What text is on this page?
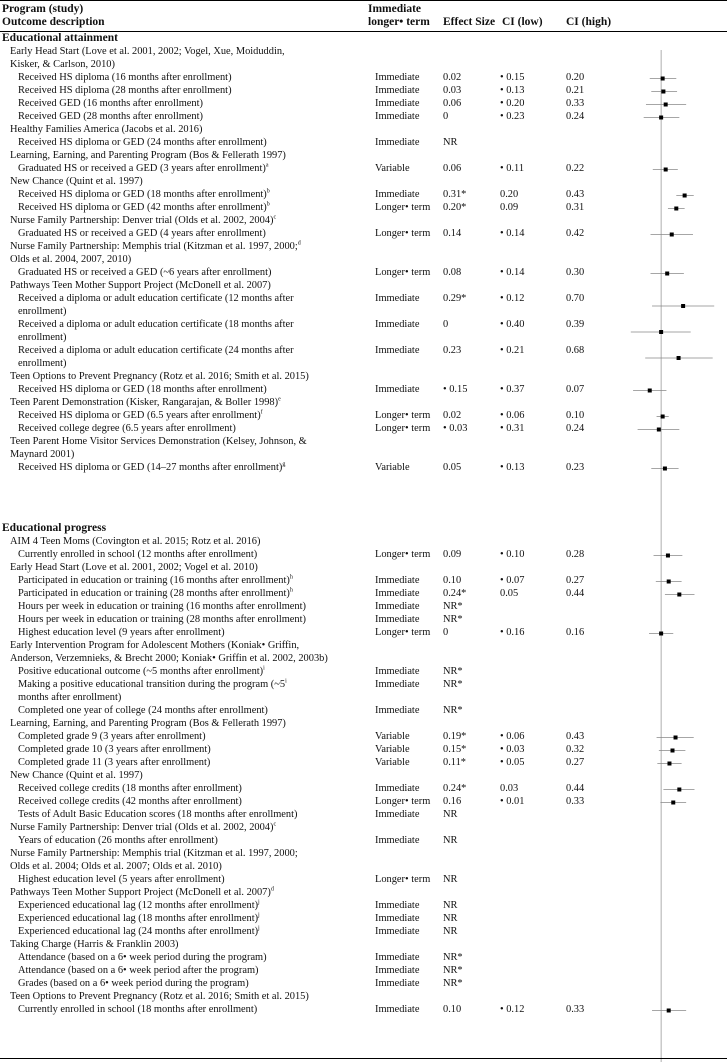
Program (study)
Outcome description
Immediate
longer• term Effect Size CI (low) CI (high)
Educational attainment
Early Head Start (Love et al. 2001, 2002; Vogel, Xue, Moiduddin,
Kisker, & Carlson, 2010)
Received HS diploma (16 months after enrollment)	Immediate 0.02	• 0.15	0.20
Received HS diploma (28 months after enrollment)	Immediate 0.03	• 0.13	0.21
Received GED (16 months after enrollment)	Immediate 0.06	• 0.20	0.33
Received GED (28 months after enrollment)	Immediate 0	• 0.23	0.24
Healthy Families America (Jacobs et al. 2016)
Received HS diploma or GED (24 months after enrollment)	Immediate NR
Learning, Earning, and Parenting Program (Bos & Fellerath 1997)
Graduated HS or received a GED (3 years after enrollment)$^a$	Variable	0.06	• 0.11	0.22
New Chance (Quint et al. 1997)
Received HS diploma or GED (18 months after enrollment)$^b$	Immediate 0.31*	0.20	0.43
Received HS diploma or GED (42 months after enrollment)$^b$	Longer• term 0.20*	0.09	0.31
Nurse Family Partnership: Denver trial (Olds et al. 2002, 2004)$^c$
Graduated HS or received a GED (4 years after enrollment)	Longer• term 0.14	• 0.14	0.42
Nurse Family Partnership: Memphis trial (Kitzman et al. 1997, 2000;$^d$
Olds et al. 2004, 2007, 2010)
Graduated HS or received a GED (~6 years after enrollment)	Longer• term 0.08	• 0.14	0.30
Pathways Teen Mother Support Project (McDonell et al. 2007)
Received a diploma or adult education certificate (12 months after
enrollment)
Immediate 0.29*	• 0.12	0.70
Received a diploma or adult education certificate (18 months after
enrollment)
Immediate 0	• 0.40	0.39
Received a diploma or adult education certificate (24 months after
enrollment)
Immediate 0.23	• 0.21	0.68
Teen Options to Prevent Pregnancy (Rotz et al. 2016; Smith et al. 2015)
Received HS diploma or GED (18 months after enrollment)	Immediate • 0.15	• 0.37	0.07
Teen Parent Demonstration (Kisker, Rangarajan, & Boller 1998)$^e$
Received HS diploma or GED (6.5 years after enrollment)$^f$	Longer• term 0.02	• 0.06	0.10
Received college degree (6.5 years after enrollment)	Longer• term • 0.03	• 0.31	0.24
Teen Parent Home Visitor Services Demonstration (Kelsey, Johnson, &
Maynard 2001)
Received HS diploma or GED (14–27 months after enrollment)$^g$	Variable	0.05	• 0.13	0.23
Educational progress
AIM 4 Teen Moms (Covington et al. 2015; Rotz et al. 2016)
Currently enrolled in school (12 months after enrollment)	Longer• term 0.09	• 0.10	0.28
Early Head Start (Love et al. 2001, 2002; Vogel et al. 2010)
Participated in education or training (16 months after enrollment)$^h$	Immediate 0.10	• 0.07	0.27
Participated in education or training (28 months after enrollment)$^h$	Immediate 0.24*	0.05	0.44
Hours per week in education or training (16 months after enrollment)	Immediate NR*
Hours per week in education or training (28 months after enrollment)	Immediate NR*
Highest education level (9 years after enrollment)	Longer• term 0	• 0.16	0.16
Early Intervention Program for Adolescent Mothers (Koniak• Griffin,
Anderson, Verzemnieks, & Brecht 2000; Koniak• Griffin et al. 2002, 2003b)
Positive educational outcome (~5 months after enrollment)$^i$	Immediate NR*
Making a positive educational transition during the program (~5$^i$
months after enrollment)
Immediate NR*
Completed one year of college (24 months after enrollment)	Immediate NR*
Learning, Earning, and Parenting Program (Bos & Fellerath 1997)
Completed grade 9 (3 years after enrollment)	Variable	0.19*	• 0.06	0.43
Completed grade 10 (3 years after enrollment)	Variable	0.15*	• 0.03	0.32
Completed grade 11 (3 years after enrollment)	Variable	0.11*	• 0.05	0.27
New Chance (Quint et al. 1997)
Received college credits (18 months after enrollment)	Immediate 0.24*	0.03	0.44
Received college credits (42 months after enrollment)	Longer• term 0.16	• 0.01	0.33
Tests of Adult Basic Education scores (18 months after enrollment)	Immediate NR
Nurse Family Partnership: Denver trial (Olds et al. 2002, 2004)$^c$
Years of education (26 months after enrollment)	Immediate NR
Nurse Family Partnership: Memphis trial (Kitzman et al. 1997, 2000;
Olds et al. 2004; Olds et al. 2007; Olds et al. 2010)
Highest education level (5 years after enrollment)	Longer• term NR
Pathways Teen Mother Support Project (McDonell et al. 2007)$^d$
Experienced educational lag (12 months after enrollment)$^j$	Immediate NR
Experienced educational lag (18 months after enrollment)$^j$	Immediate NR
Experienced educational lag (24 months after enrollment)$^j$	Immediate NR
Taking Charge (Harris & Franklin 2003)
Attendance (based on a 6• week period during the program)	Immediate NR*
Attendance (based on a 6• week period after the program)	Immediate NR*
Grades (based on a 6• week period during the program)	Immediate NR*
Teen Options to Prevent Pregnancy (Rotz et al. 2016; Smith et al. 2015)
Currently enrolled in school (18 months after enrollment)	Immediate 0.10	• 0.12	0.33
